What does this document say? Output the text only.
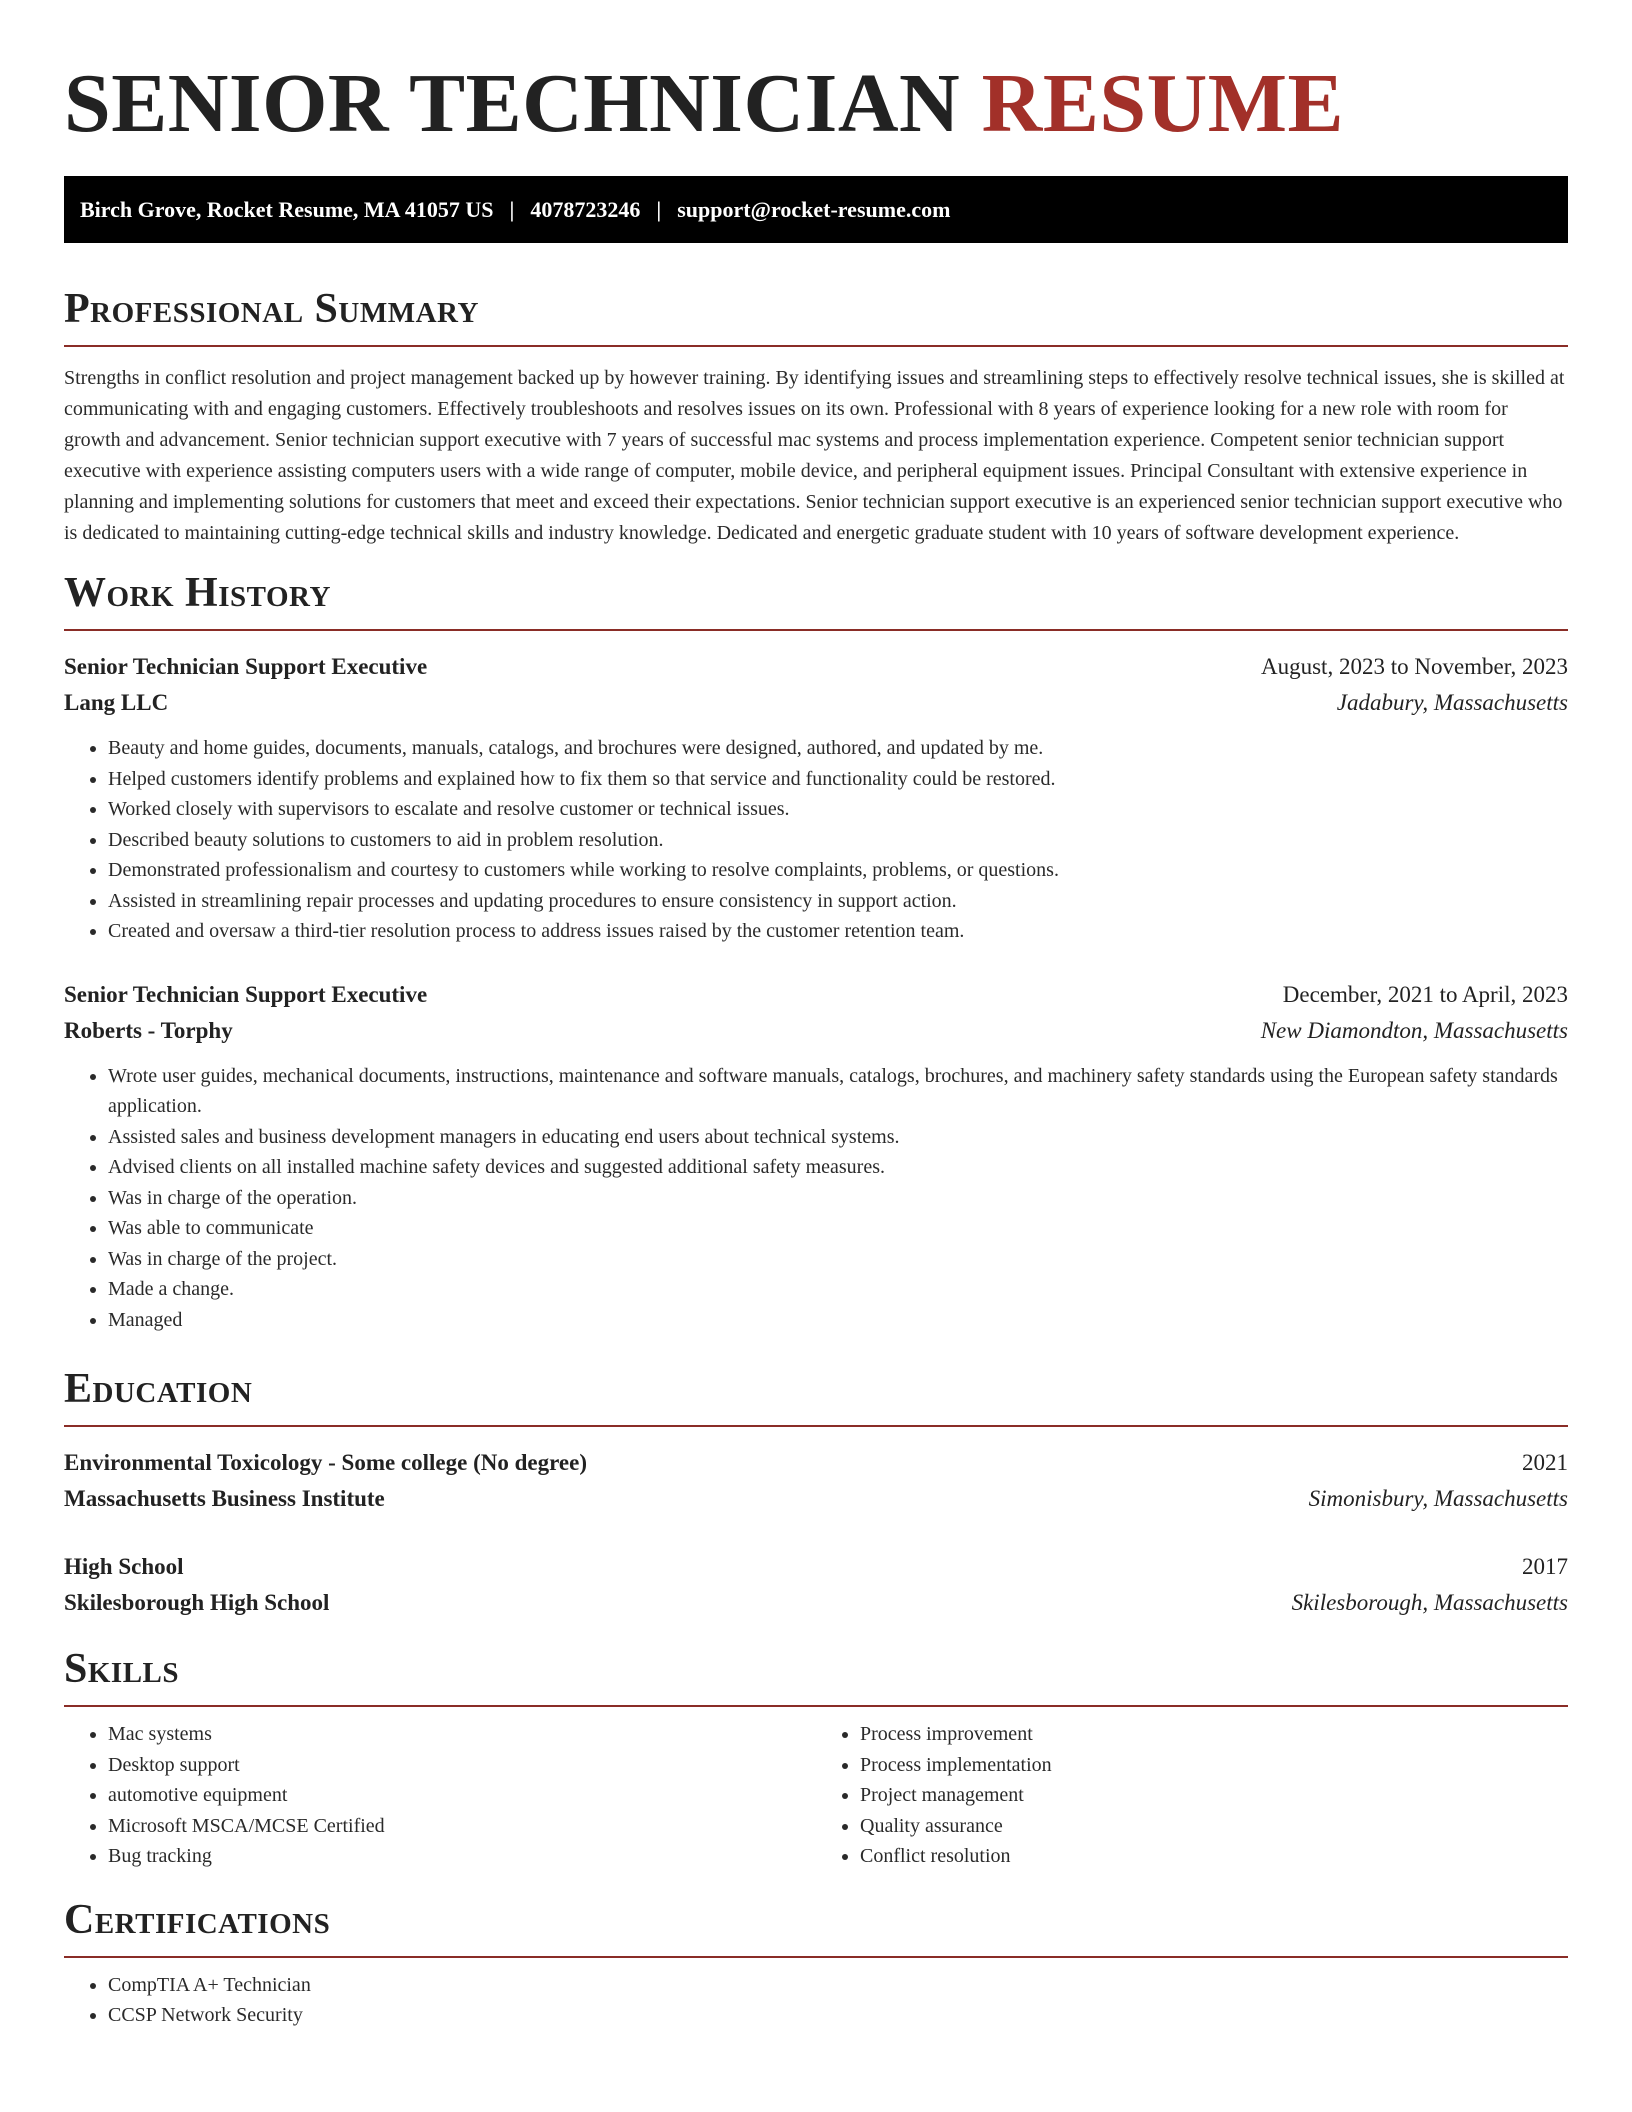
SENIOR TECHNICIAN RESUME
Birch Grove, Rocket Resume, MA 41057 US | 4078723246 | support@rocket-resume.com
Professional Summary

Strengths in conflict resolution and project management backed up by however training. By identifying issues and streamlining steps to effectively resolve technical issues, she is skilled at communicating with and engaging customers. Effectively troubleshoots and resolves issues on its own. Professional with 8 years of experience looking for a new role with room for growth and advancement. Senior technician support executive with 7 years of successful mac systems and process implementation experience. Competent senior technician support executive with experience assisting computers users with a wide range of computer, mobile device, and peripheral equipment issues. Principal Consultant with extensive experience in planning and implementing solutions for customers that meet and exceed their expectations. Senior technician support executive is an experienced senior technician support executive who is dedicated to maintaining cutting-edge technical skills and industry knowledge. Dedicated and energetic graduate student with 10 years of software development experience.

Work History
Senior Technician Support Executive	August, 2023 to November, 2023
Lang LLC	Jadabury, Massachusetts
• Beauty and home guides, documents, manuals, catalogs, and brochures were designed, authored, and updated by me.
• Helped customers identify problems and explained how to fix them so that service and functionality could be restored.
• Worked closely with supervisors to escalate and resolve customer or technical issues.
• Described beauty solutions to customers to aid in problem resolution.
• Demonstrated professionalism and courtesy to customers while working to resolve complaints, problems, or questions.
• Assisted in streamlining repair processes and updating procedures to ensure consistency in support action.
• Created and oversaw a third-tier resolution process to address issues raised by the customer retention team.
Senior Technician Support Executive	December, 2021 to April, 2023
Roberts - Torphy	New Diamondton, Massachusetts
• Wrote user guides, mechanical documents, instructions, maintenance and software manuals, catalogs, brochures, and machinery safety standards using the European safety standards application.
• Assisted sales and business development managers in educating end users about technical systems.
• Advised clients on all installed machine safety devices and suggested additional safety measures.
• Was in charge of the operation.
• Was able to communicate
• Was in charge of the project.
• Made a change.
• Managed
Education
Environmental Toxicology - Some college (No degree)	2021
Massachusetts Business Institute	Simonisbury, Massachusetts
High School	2017
Skilesborough High School	Skilesborough, Massachusetts
Skills
• Mac systems
• Desktop support
• automotive equipment
• Microsoft MSCA/MCSE Certified
• Bug tracking
• Process improvement
• Process implementation
• Project management
• Quality assurance
• Conflict resolution
Certifications
• CompTIA A+ Technician
• CCSP Network Security
